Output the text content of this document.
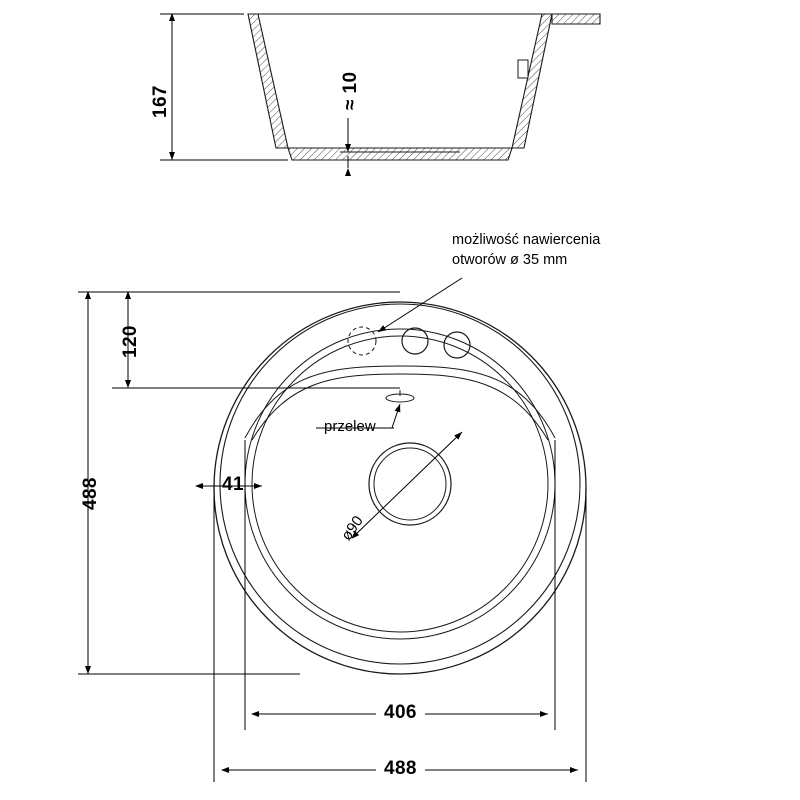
167	≈ 10
możliwość nawiercenia
otworów ø 35 mm
przelew
488
120
41
406
488
ø90
